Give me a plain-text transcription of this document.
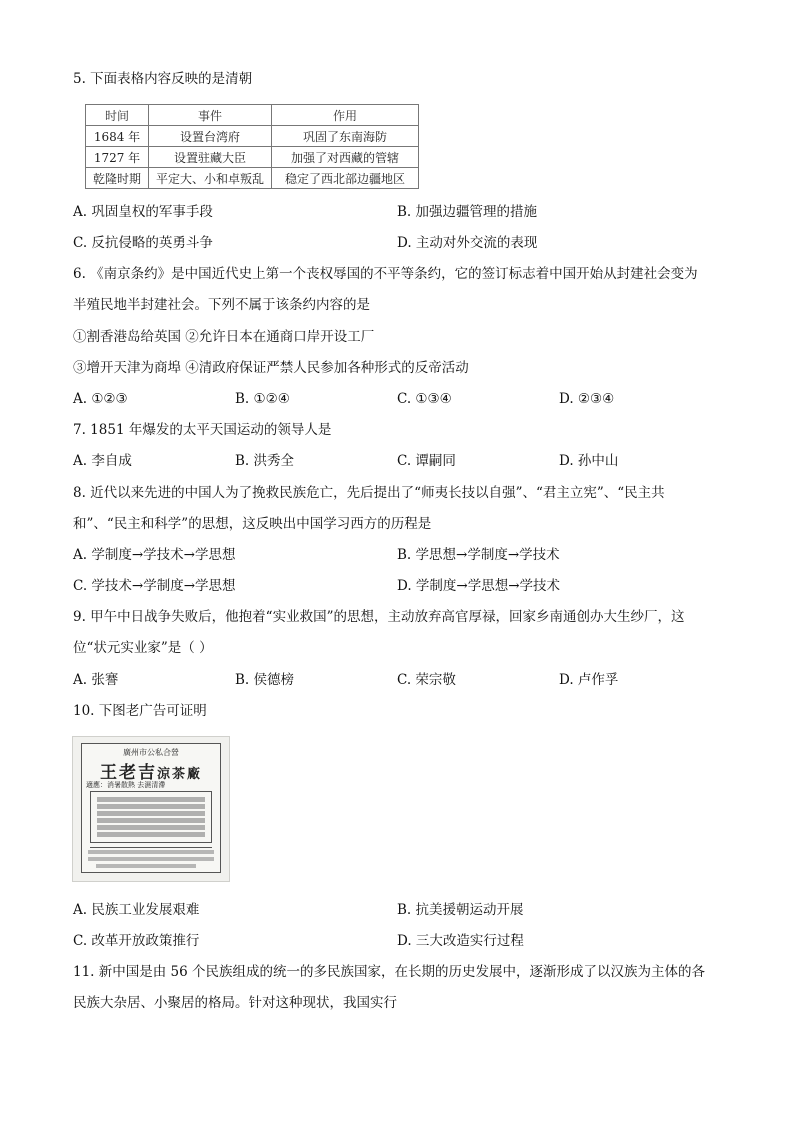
5. 下面表格内容反映的是清朝
时间	事件	作用
1684 年	设置台湾府	巩固了东南海防
1727 年	设置驻藏大臣	加强了对西藏的管辖
乾隆时期	平定大、小和卓叛乱	稳定了西北部边疆地区
A. 巩固皇权的军事手段	B. 加强边疆管理的措施
C. 反抗侵略的英勇斗争	D. 主动对外交流的表现
6. 《南京条约》是中国近代史上第一个丧权辱国的不平等条约，它的签订标志着中国开始从封建社会变为
半殖民地半封建社会。下列不属于该条约内容的是
①割香港岛给英国 ②允许日本在通商口岸开设工厂
③增开天津为商埠 ④清政府保证严禁人民参加各种形式的反帝活动
A. ①②③	B. ①②④	C. ①③④	D. ②③④
7. 1851 年爆发的太平天国运动的领导人是
A. 李自成	B. 洪秀全	C. 谭嗣同	D. 孙中山
8. 近代以来先进的中国人为了挽救民族危亡，先后提出了“师夷长技以自强”、“君主立宪”、“民主共
和”、“民主和科学”的思想，这反映出中国学习西方的历程是
A. 学制度→学技术→学思想	B. 学思想→学制度→学技术
C. 学技术→学制度→学思想	D. 学制度→学思想→学技术
9. 甲午中日战争失败后，他抱着“实业救国”的思想，主动放弃高官厚禄，回家乡南通创办大生纱厂，这
位“状元实业家”是（ ）
A. 张謇	B. 侯德榜	C. 荣宗敬	D. 卢作孚
10. 下图老广告可证明
廣州市公私合營
王老吉涼茶廠
適應：消暑散熱 去濕清滯
A. 民族工业发展艰难	B. 抗美援朝运动开展
C. 改革开放政策推行	D. 三大改造实行过程
11. 新中国是由 56 个民族组成的统一的多民族国家，在长期的历史发展中，逐渐形成了以汉族为主体的各
民族大杂居、小聚居的格局。针对这种现状，我国实行
